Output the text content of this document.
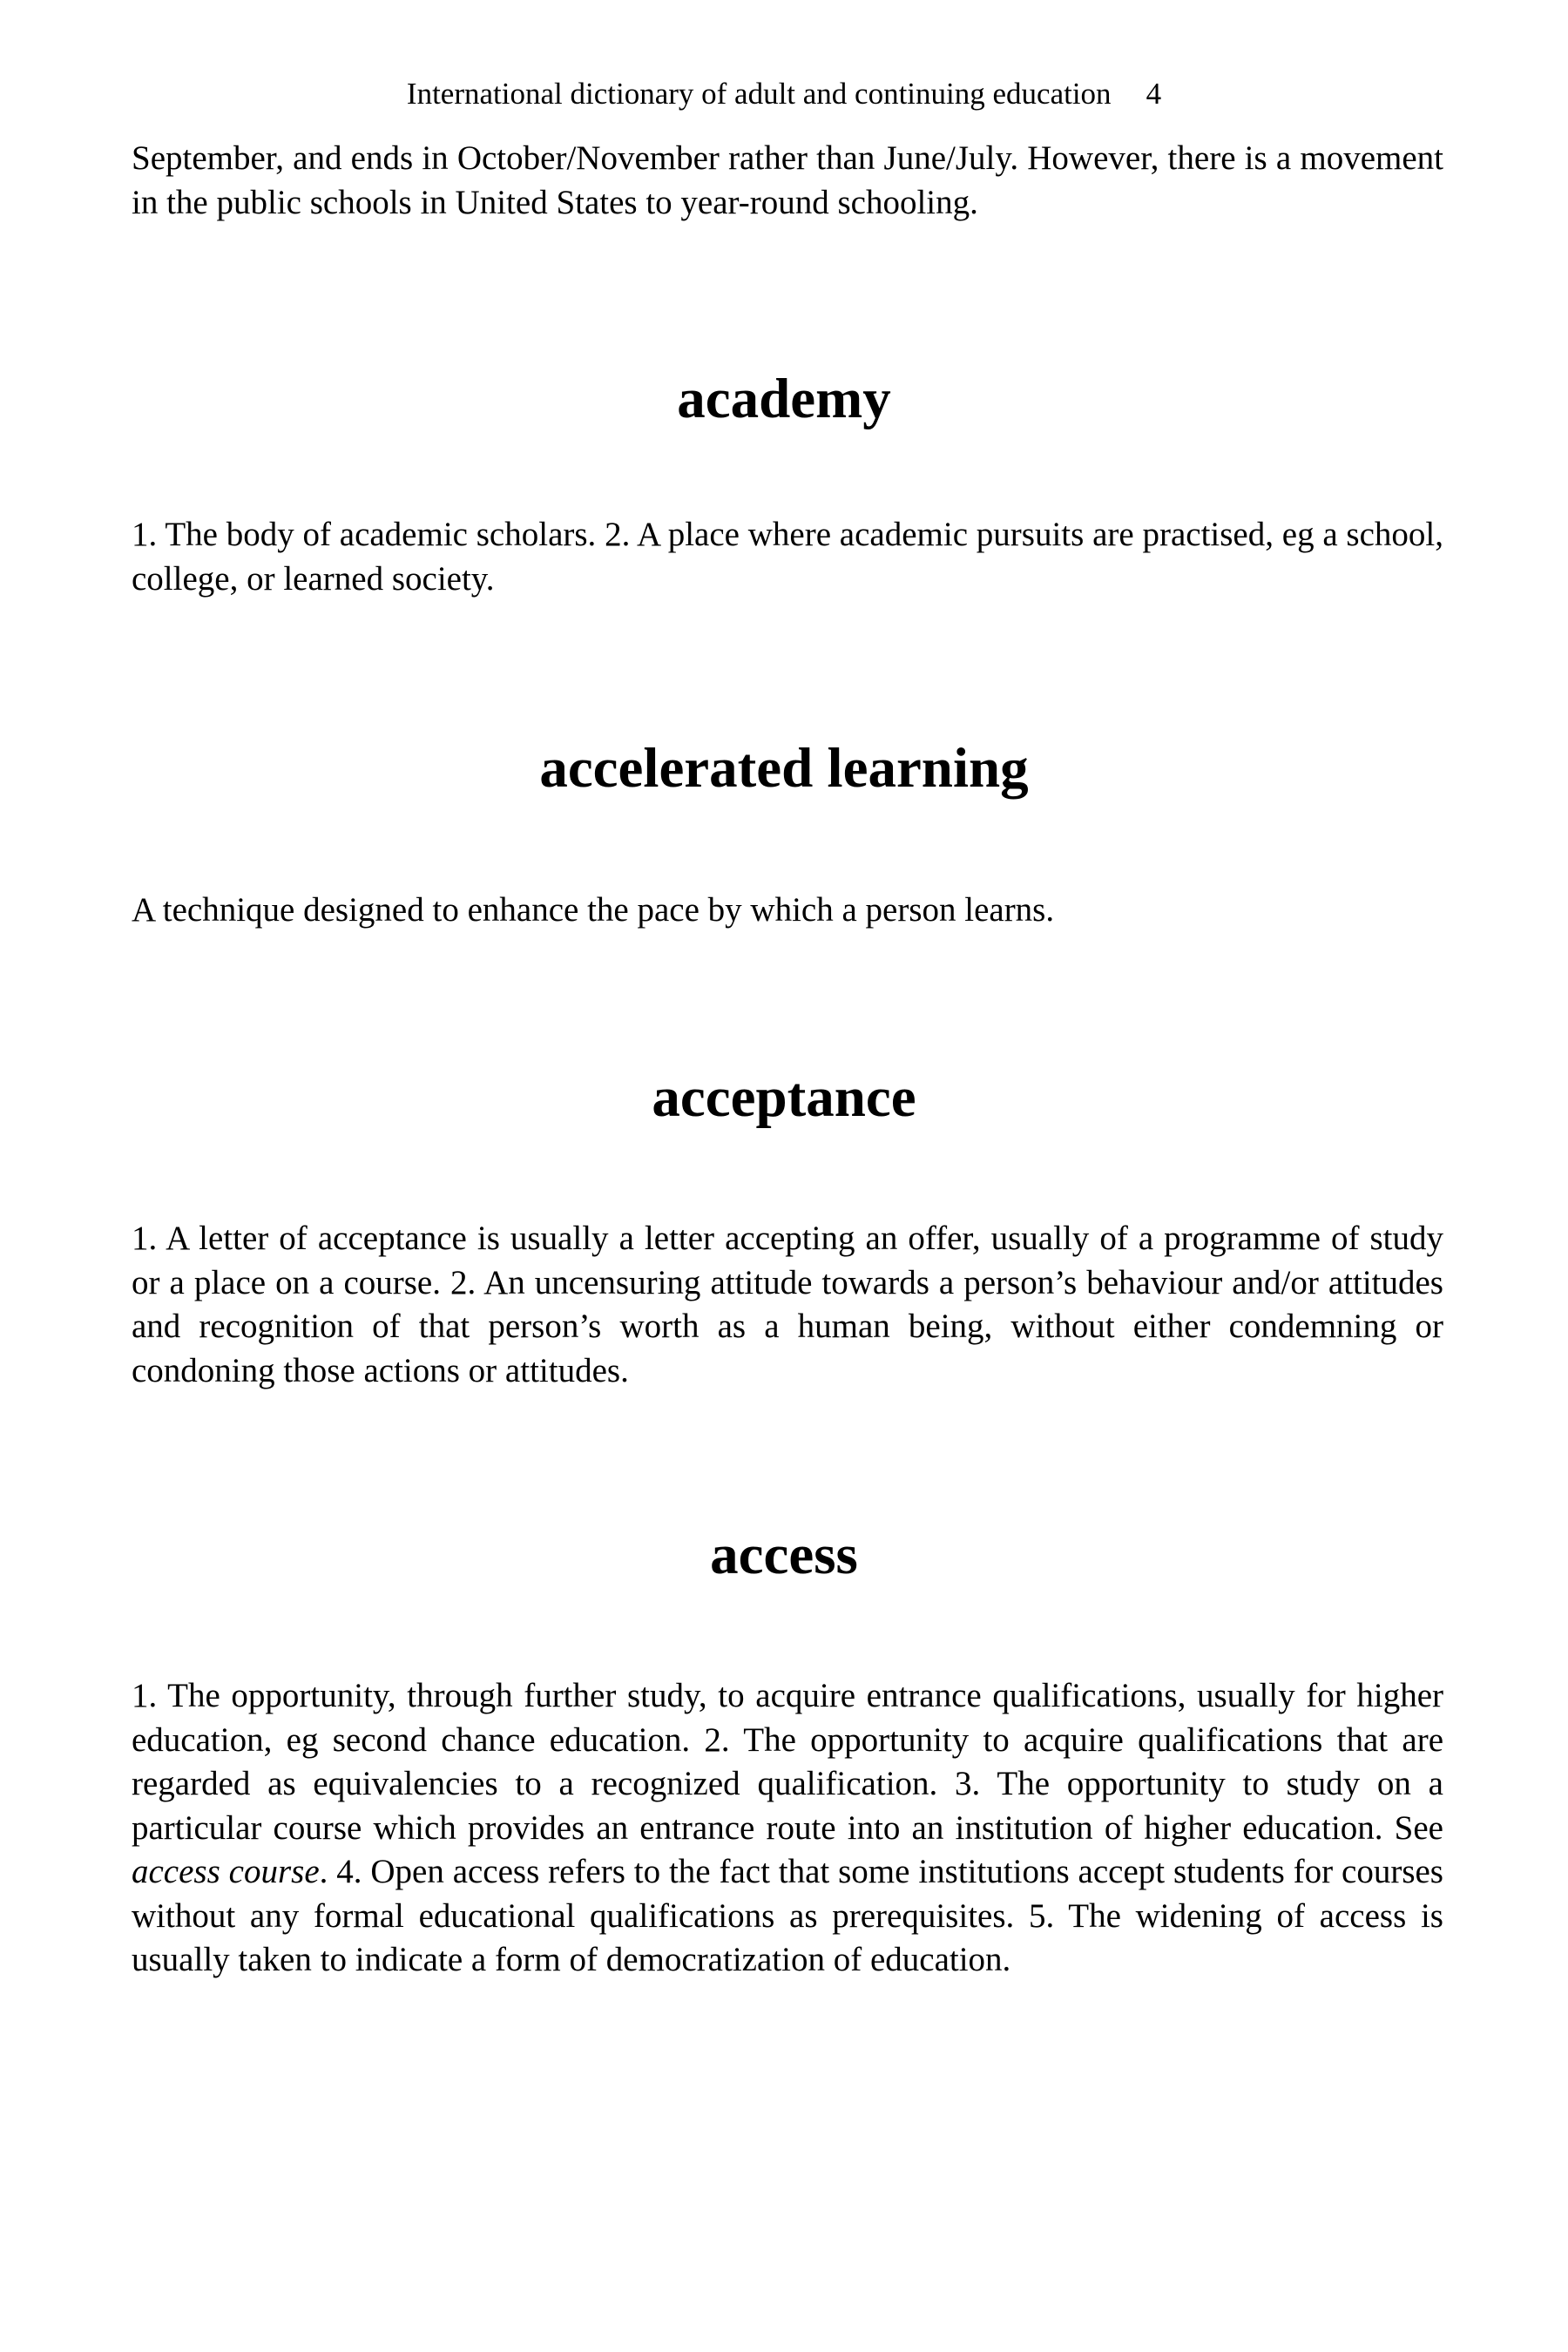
International dictionary of adult and continuing education 4

September, and ends in October/November rather than June/July. However, there is a movement in the public schools in United States to year-round schooling.

academy

1. The body of academic scholars. 2. A place where academic pursuits are practised, eg a school, college, or learned society.

accelerated learning

A technique designed to enhance the pace by which a person learns.

acceptance

1. A letter of acceptance is usually a letter accepting an offer, usually of a programme of study or a place on a course. 2. An uncensuring attitude towards a person’s behaviour and/or attitudes and recognition of that person’s worth as a human being, without either condemning or condoning those actions or attitudes.

access

1. The opportunity, through further study, to acquire entrance qualifications, usually for higher education, eg second chance education. 2. The opportunity to acquire qualifications that are regarded as equivalencies to a recognized qualification. 3. The opportunity to study on a particular course which provides an entrance route into an institution of higher education. See access course. 4. Open access refers to the fact that some institutions accept students for courses without any formal educational qualifications as prerequisites. 5. The widening of access is usually taken to indicate a form of democratization of education.
